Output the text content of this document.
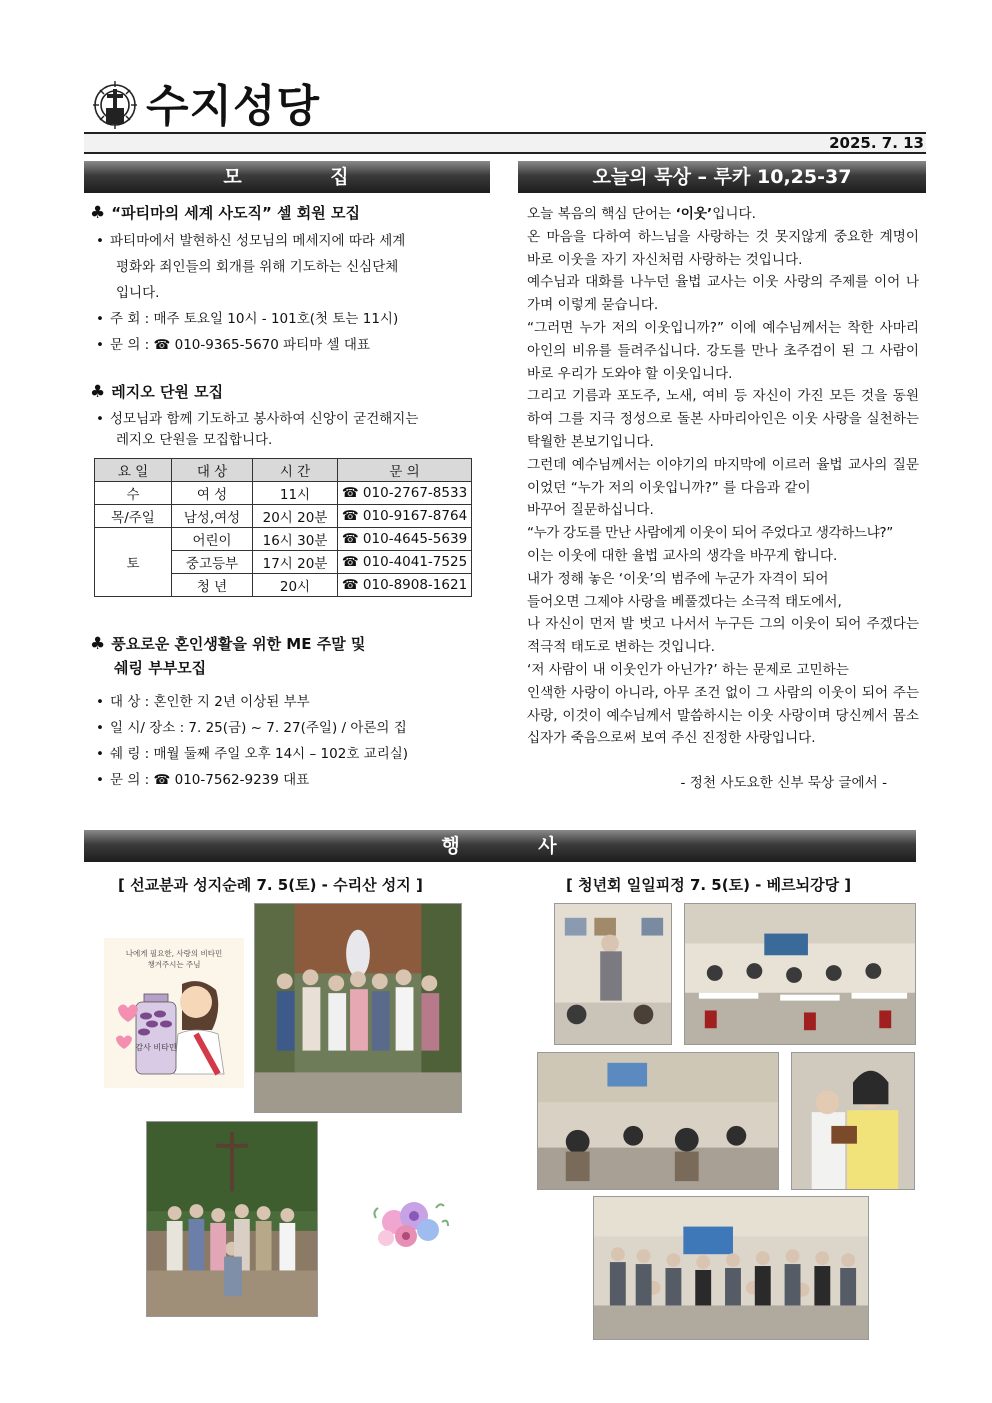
수지성당
2025. 7. 13
모 집
♣ “파티마의 세계 사도직” 셀 회원 모집
• 파티마에서 발현하신 성모님의 메세지에 따라 세계
평화와 죄인들의 회개를 위해 기도하는 신심단체
입니다.
• 주 회 : 매주 토요일 10시 - 101호(첫 토는 11시)
• 문 의 : ☎ 010-9365-5670 파티마 셀 대표
♣ 레지오 단원 모집
• 성모님과 함께 기도하고 봉사하여 신앙이 굳건해지는
레지오 단원을 모집합니다.
요 일	대 상	시 간	문 의
수	여 성	11시	☎ 010-2767-8533
목/주일	남성,여성	20시 20분	☎ 010-9167-8764
토	어린이	16시 30분	☎ 010-4645-5639
	중고등부	17시 20분	☎ 010-4041-7525
	청 년	20시	☎ 010-8908-1621
♣ 풍요로운 혼인생활을 위한 ME 주말 및
쉐링 부부모집
• 대 상 : 혼인한 지 2년 이상된 부부
• 일 시/ 장소 : 7. 25(금) ~ 7. 27(주일) / 아론의 집
• 쉐 링 : 매월 둘째 주일 오후 14시 – 102호 교리실)
• 문 의 : ☎ 010-7562-9239 대표
오늘의 묵상 – 루카 10,25-37

오늘 복음의 핵심 단어는 ‘이웃’입니다.

온 마음을 다하여 하느님을 사랑하는 것 못지않게 중요한 계명이 바로 이웃을 자기 자신처럼 사랑하는 것입니다.

예수님과 대화를 나누던 율법 교사는 이웃 사랑의 주제를 이어 나가며 이렇게 묻습니다.

“그러면 누가 저의 이웃입니까?” 이에 예수님께서는 착한 사마리아인의 비유를 들려주십니다. 강도를 만나 초주검이 된 그 사람이 바로 우리가 도와야 할 이웃입니다.

그리고 기름과 포도주, 노새, 여비 등 자신이 가진 모든 것을 동원하여 그를 지극 정성으로 돌본 사마리아인은 이웃 사랑을 실천하는 탁월한 본보기입니다.

그런데 예수님께서는 이야기의 마지막에 이르러 율법 교사의 질문이었던 “누가 저의 이웃입니까?” 를 다음과 같이

바꾸어 질문하십니다.

“누가 강도를 만난 사람에게 이웃이 되어 주었다고 생각하느냐?”

이는 이웃에 대한 율법 교사의 생각을 바꾸게 합니다.

내가 정해 놓은 ‘이웃’의 범주에 누군가 자격이 되어

들어오면 그제야 사랑을 베풀겠다는 소극적 태도에서,

나 자신이 먼저 발 벗고 나서서 누구든 그의 이웃이 되어 주겠다는 적극적 태도로 변하는 것입니다.

‘저 사람이 내 이웃인가 아닌가?’ 하는 문제로 고민하는

인색한 사랑이 아니라, 아무 조건 없이 그 사람의 이웃이 되어 주는 사랑, 이것이 예수님께서 말씀하시는 이웃 사랑이며 당신께서 몸소 십자가 죽음으로써 보여 주신 진정한 사랑입니다.

- 정천 사도요한 신부 묵상 글에서 -
행 사
[ 선교분과 성지순례 7. 5(토) - 수리산 성지 ]	[ 청년회 일일피정 7. 5(토) - 베르뇌강당 ]
나에게 필요한, 사랑의 비타민
챙겨주시는 주님
감사 비타민
